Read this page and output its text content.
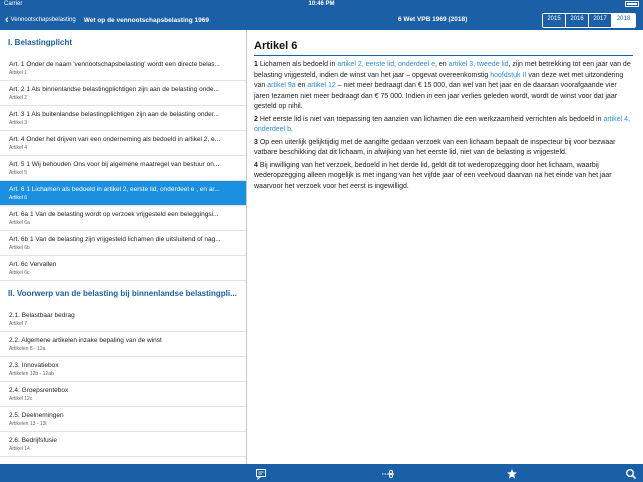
Carrier	10:46 PM
‹ Vennootschapsbelasting Wet op de vennootschapsbelasting 1969	6 Wet VPB 1969 (2018)	2015	2016	2017	2018
I. Belastingplicht
Art. 1 Onder de naam 'vennootschapsbelasting' wordt een directe belas...
Artikel 1
Art. 2 1 Als binnenlandse belastingplichtigen zijn aan de belasting onde...
Artikel 2
Art. 3 1 Als buitenlandse belastingplichtigen zijn aan de belasting onder...
Artikel 3
Art. 4 Onder het drijven van een onderneming als bedoeld in artikel 2, e...
Artikel 4
Art. 5 1 Wij behouden Ons voor bij algemene maatregel van bestuur on...
Artikel 5
Art. 6 1 Lichamen als bedoeld in artikel 2, eerste lid, onderdeel e , en ar...
Artikel 6
Art. 6a 1 Van de belasting wordt op verzoek vrijgesteld een beleggingsi...
Artikel 6a
Art. 6b 1 Van de belasting zijn vrijgesteld lichamen die uitsluitend of nag...
Artikel 6b
Art. 6c Vervallen
Artikel 6c
II. Voorwerp van de belasting bij binnenlandse belastingpli...
2.1. Belastbaar bedrag
Artikel 7
2.2. Algemene artikelen inzake bepaling van de winst
Artikelen 8 - 12a
2.3. Innovatiebox
Artikelen 12b - 12ab
2.4. Groepsrentebox
Artikel 12c
2.5. Deelnemingen
Artikelen 13 - 13l
2.6. Bedrijfsfusie
Artikel 14
Artikel 6

1 Lichamen als bedoeld in artikel 2, eerste lid, onderdeel e, en artikel 3, tweede lid, zijn met betrekking tot een jaar van de belasting vrijgesteld, indien de winst van het jaar – opgevat overeenkomstig hoofdstuk II van deze wet met uitzondering van artikel 9a en artikel 12 – niet meer bedraagt dan € 15 000, dan wel van het jaar en de daaraan voorafgaande vier jaren tezamen niet meer bedraagt dan € 75 000. Indien in een jaar verlies geleden wordt, wordt de winst voor dat jaar gesteld op nihil.

2 Het eerste lid is niet van toepassing ten aanzien van lichamen die een werkzaamheid verrichten als bedoeld in artikel 4, onderdeel b.

3 Op een uiterlijk gelijktijdig met de aangifte gedaan verzoek van een lichaam bepaalt de inspecteur bij voor bezwaar vatbare beschikking dat dit lichaam, in afwijking van het eerste lid, niet van de belasting is vrijgesteld.

4 Bij inwilliging van het verzoek, bedoeld in het derde lid, geldt dit tot wederopzegging door het lichaam, waarbij wederopzegging alleen mogelijk is met ingang van het vijfde jaar of een veelvoud daarvan na het einde van het jaar waarvoor het verzoek voor het eerst is ingewilligd.
